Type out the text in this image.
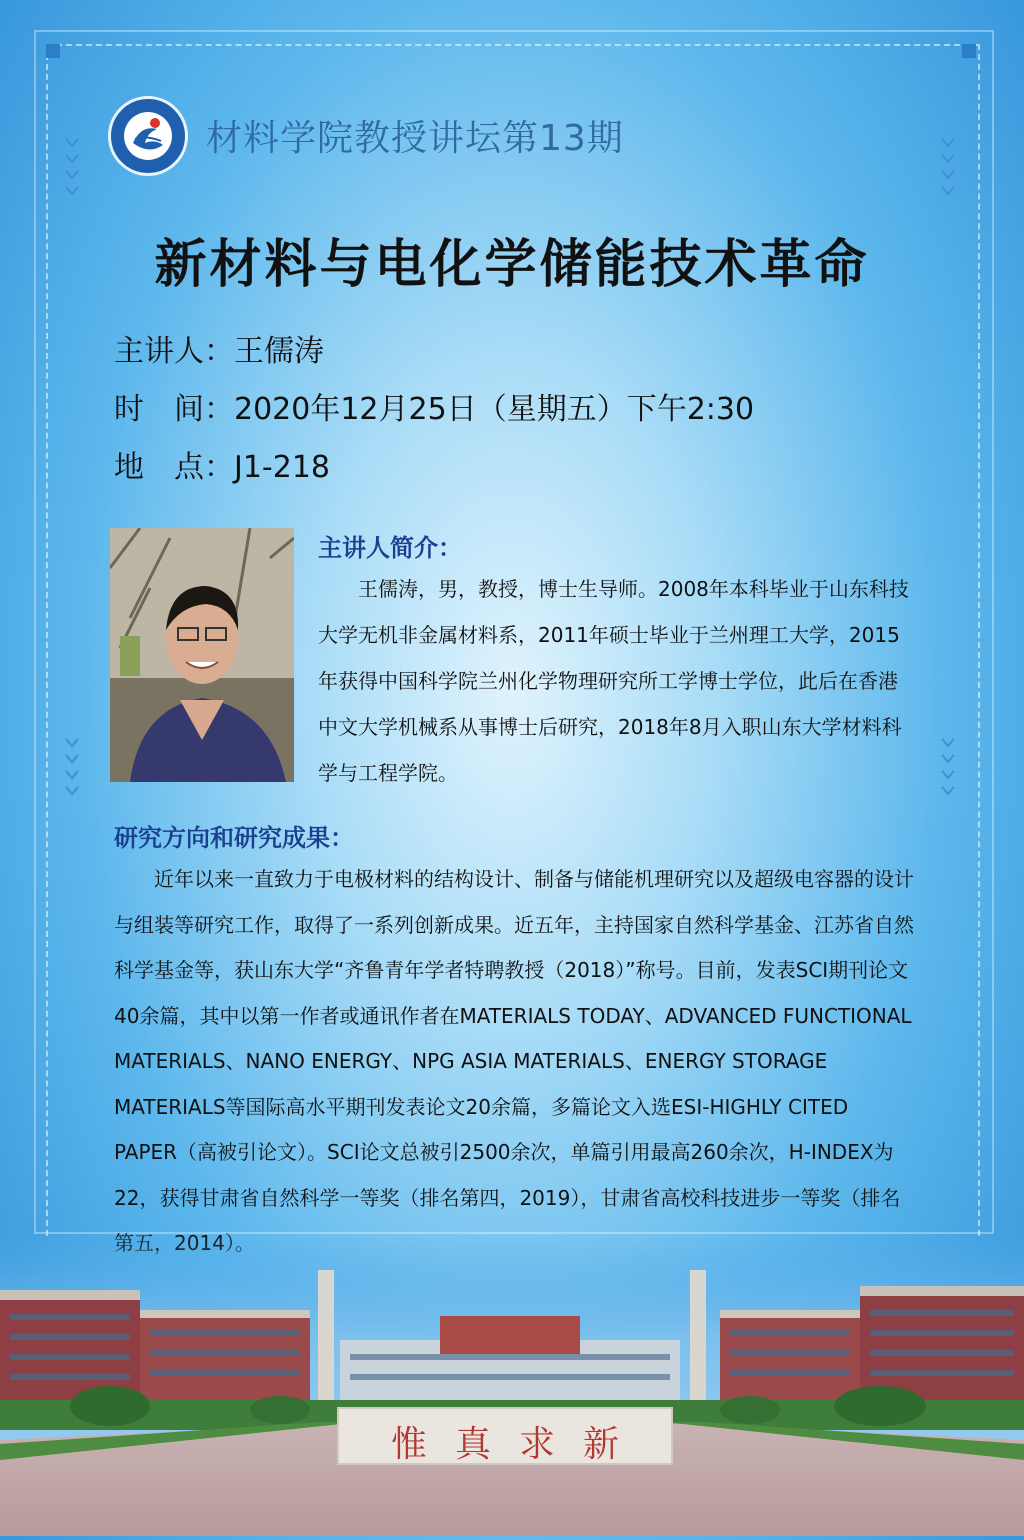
材料学院教授讲坛第13期
新材料与电化学储能技术革命
主讲人：王儒涛
时　间：2020年12月25日（星期五）下午2:30
地　点：J1-218
主讲人简介：
王儒涛，男，教授，博士生导师。2008年本科毕业于山东科技大学无机非金属材料系，2011年硕士毕业于兰州理工大学，2015年获得中国科学院兰州化学物理研究所工学博士学位，此后在香港中文大学机械系从事博士后研究，2018年8月入职山东大学材料科学与工程学院。
研究方向和研究成果：
近年以来一直致力于电极材料的结构设计、制备与储能机理研究以及超级电容器的设计与组装等研究工作，取得了一系列创新成果。近五年，主持国家自然科学基金、江苏省自然科学基金等，获山东大学“齐鲁青年学者特聘教授（2018）”称号。目前，发表SCI期刊论文40余篇，其中以第一作者或通讯作者在MATERIALS TODAY、ADVANCED FUNCTIONAL MATERIALS、NANO ENERGY、NPG ASIA MATERIALS、ENERGY STORAGE MATERIALS等国际高水平期刊发表论文20余篇，多篇论文入选ESI-HIGHLY CITED PAPER（高被引论文）。SCI论文总被引2500余次，单篇引用最高260余次，H-INDEX为22，获得甘肃省自然科学一等奖（排名第四，2019），甘肃省高校科技进步一等奖（排名
惟真求新
